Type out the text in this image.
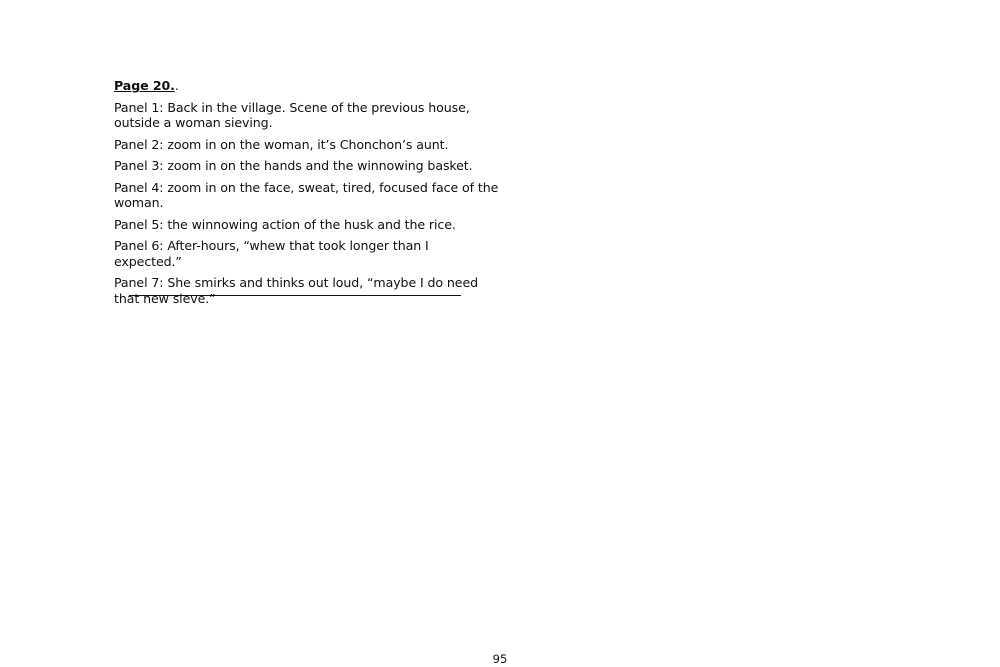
Page 20..

Panel 1: Back in the village. Scene of the previous house, outside a woman sieving.

Panel 2: zoom in on the woman, it’s Chonchon’s aunt.

Panel 3: zoom in on the hands and the winnowing basket.

Panel 4: zoom in on the face, sweat, tired, focused face of the woman.

Panel 5: the winnowing action of the husk and the rice.

Panel 6: After-hours, “whew that took longer than I expected.”

Panel 7: She smirks and thinks out loud, “maybe I do need that new sieve.”

95
